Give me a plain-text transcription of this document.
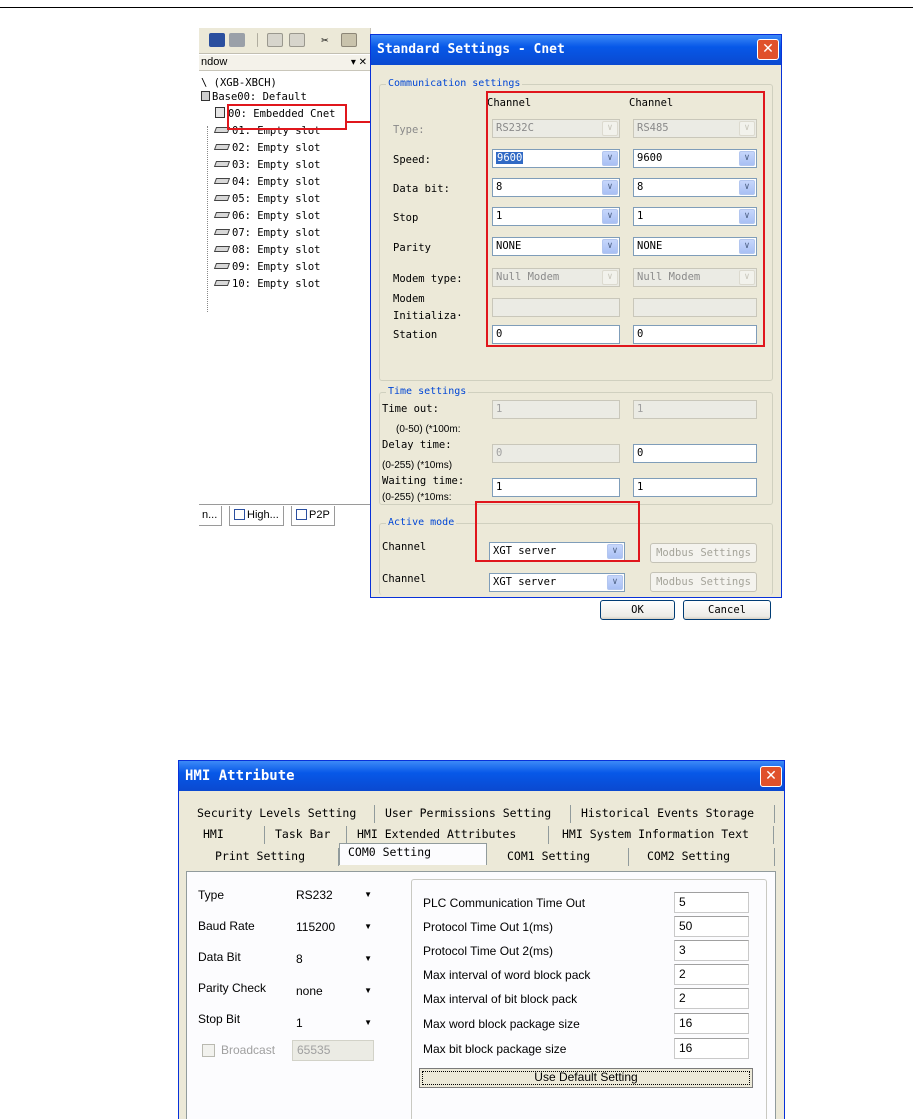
✂
ndow	▾ ✕
\ (XGB-XBCH)
Base00: Default
00: Embedded Cnet
01: Empty slot
02: Empty slot
03: Empty slot
04: Empty slot
05: Empty slot
06: Empty slot
07: Empty slot
08: Empty slot
09: Empty slot
10: Empty slot
n...	High...	P2P
Standard Settings - Cnet	✕
Communication settings
Channel	Channel
Type:	RS232C	∨	RS485	∨
Speed:	9600	∨	9600	∨
Data bit:	8	∨	8	∨
Stop	1	∨	1	∨
Parity	NONE	∨	NONE	∨
Modem type:	Null Modem	∨	Null Modem	∨
Modem
Initializa·
Station	0	0
Time settings
Time out:
(0-50) (*100m:
1	1
Delay time:
(0-255) (*10ms)
0	0
Waiting time:
(0-255) (*10ms:
1	1
Active mode
Channel	XGT server	∨	Modbus Settings
Channel	XGT server	∨	Modbus Settings
OK	Cancel
HMI Attribute	✕
Security Levels Setting	User Permissions Setting	Historical Events Storage
HMI	Task Bar	HMI Extended Attributes	HMI System Information Text
Print Setting	COM0 Setting	COM1 Setting	COM2 Setting
Type	RS232	▼
Baud Rate	115200	▼
Data Bit	8	▼
Parity Check	none	▼
Stop Bit	1	▼
Broadcast	65535
PLC Communication Time Out	5
Protocol Time Out 1(ms)	50
Protocol Time Out 2(ms)	3
Max interval of word block pack	2
Max interval of bit block pack	2
Max word block package size	16
Max bit block package size	16
Use Default Setting
